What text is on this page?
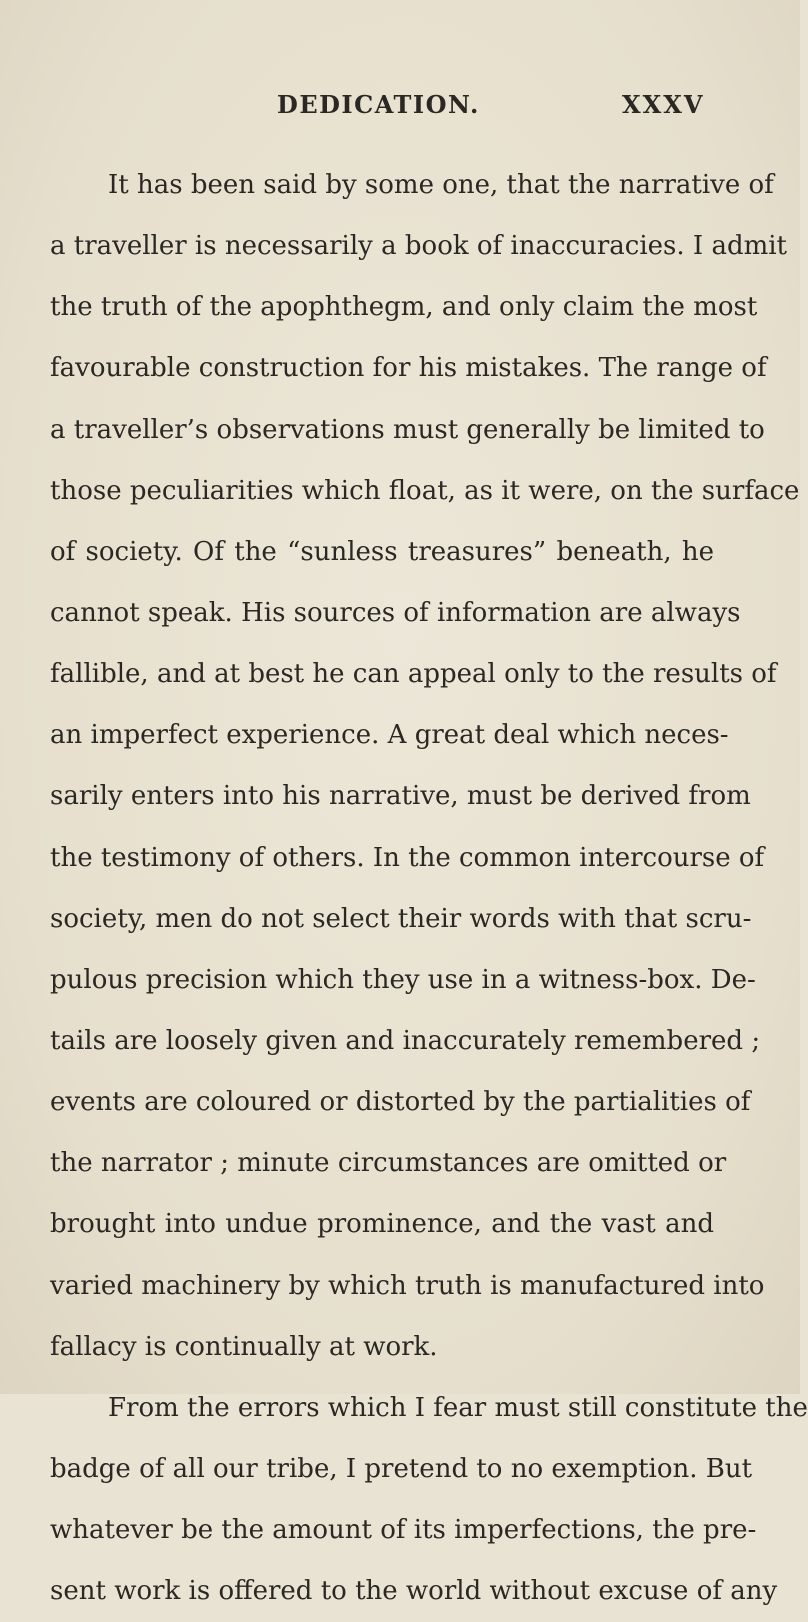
DEDICATION.	XXXV
It has been said by some one, that the narrative of
a traveller is necessarily a book of inaccuracies. I admit
the truth of the apophthegm, and only claim the most
favourable construction for his mistakes. The range of
a traveller’s observations must generally be limited to
those peculiarities which float, as it were, on the surface
of society. Of the “sunless treasures” beneath, he
cannot speak. His sources of information are always
fallible, and at best he can appeal only to the results of
an imperfect experience. A great deal which neces-
sarily enters into his narrative, must be derived from
the testimony of others. In the common intercourse of
society, men do not select their words with that scru-
pulous precision which they use in a witness-box. De-
tails are loosely given and inaccurately remembered ;
events are coloured or distorted by the partialities of
the narrator ; minute circumstances are omitted or
brought into undue prominence, and the vast and
varied machinery by which truth is manufactured into
fallacy is continually at work.
From the errors which I fear must still constitute the
badge of all our tribe, I pretend to no exemption. But
whatever be the amount of its imperfections, the pre-
sent work is offered to the world without excuse of any
